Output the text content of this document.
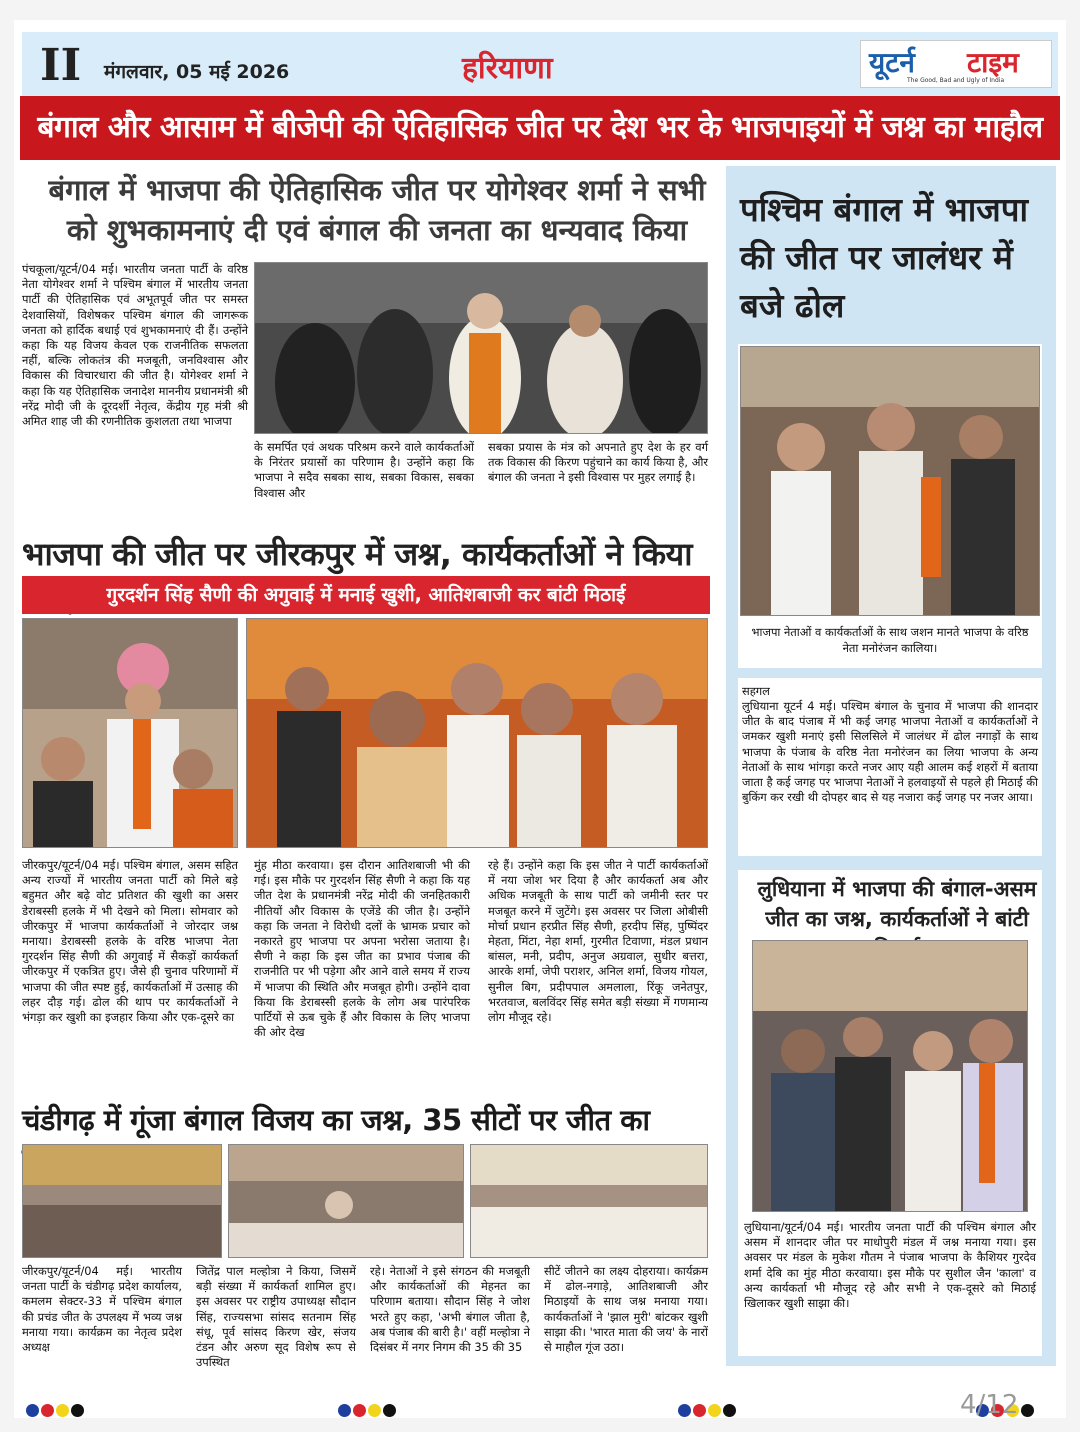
II मंगलवार, 05 मई 2026	हरियाणा	यूटर्न टाइम
The Good, Bad and Ugly of India
बंगाल और आसाम में बीजेपी की ऐतिहासिक जीत पर देश भर के भाजपाइयों में जश्न का माहौल
बंगाल में भाजपा की ऐतिहासिक जीत पर योगेश्वर शर्मा ने सभी को शुभकामनाएं दी एवं बंगाल की जनता का धन्यवाद किया
पंचकूला/यूटर्न/04 मई। भारतीय जनता पार्टी के वरिष्ठ नेता योगेश्वर शर्मा ने पश्चिम बंगाल में भारतीय जनता पार्टी की ऐतिहासिक एवं अभूतपूर्व जीत पर समस्त देशवासियों, विशेषकर पश्चिम बंगाल की जागरूक जनता को हार्दिक बधाई एवं शुभकामनाएं दी हैं। उन्होंने कहा कि यह विजय केवल एक राजनीतिक सफलता नहीं, बल्कि लोकतंत्र की मजबूती, जनविश्वास और विकास की विचारधारा की जीत है। योगेश्वर शर्मा ने कहा कि यह ऐतिहासिक जनादेश माननीय प्रधानमंत्री श्री नरेंद्र मोदी जी के दूरदर्शी नेतृत्व, केंद्रीय गृह मंत्री श्री अमित शाह जी की रणनीतिक कुशलता तथा भाजपा
के समर्पित एवं अथक परिश्रम करने वाले कार्यकर्ताओं के निरंतर प्रयासों का परिणाम है। उन्होंने कहा कि भाजपा ने सदैव सबका साथ, सबका विकास, सबका विश्वास और
सबका प्रयास के मंत्र को अपनाते हुए देश के हर वर्ग तक विकास की किरण पहुंचाने का कार्य किया है, और बंगाल की जनता ने इसी विश्वास पर मुहर लगाई है।
भाजपा की जीत पर जीरकपुर में जश्न, कार्यकर्ताओं ने किया
गुरदर्शन सिंह सैणी की अगुवाई में मनाई खुशी, आतिशबाजी कर बांटी मिठाई
जीरकपुर/यूटर्न/04 मई। पश्चिम बंगाल, असम सहित अन्य राज्यों में भारतीय जनता पार्टी को मिले बड़े बहुमत और बढ़े वोट प्रतिशत की खुशी का असर डेराबस्सी हलके में भी देखने को मिला। सोमवार को जीरकपुर में भाजपा कार्यकर्ताओं ने जोरदार जश्न मनाया। डेराबस्सी हलके के वरिष्ठ भाजपा नेता गुरदर्शन सिंह सैणी की अगुवाई में सैकड़ों कार्यकर्ता जीरकपुर में एकत्रित हुए। जैसे ही चुनाव परिणामों में भाजपा की जीत स्पष्ट हुई, कार्यकर्ताओं में उत्साह की लहर दौड़ गई। ढोल की थाप पर कार्यकर्ताओं ने भंगड़ा कर खुशी का इजहार किया और एक-दूसरे का
मुंह मीठा करवाया। इस दौरान आतिशबाजी भी की गई। इस मौके पर गुरदर्शन सिंह सैणी ने कहा कि यह जीत देश के प्रधानमंत्री नरेंद्र मोदी की जनहितकारी नीतियों और विकास के एजेंडे की जीत है। उन्होंने कहा कि जनता ने विरोधी दलों के भ्रामक प्रचार को नकारते हुए भाजपा पर अपना भरोसा जताया है। सैणी ने कहा कि इस जीत का प्रभाव पंजाब की राजनीति पर भी पड़ेगा और आने वाले समय में राज्य में भाजपा की स्थिति और मजबूत होगी। उन्होंने दावा किया कि डेराबस्सी हलके के लोग अब पारंपरिक पार्टियों से ऊब चुके हैं और विकास के लिए भाजपा की ओर देख
रहे हैं। उन्होंने कहा कि इस जीत ने पार्टी कार्यकर्ताओं में नया जोश भर दिया है और कार्यकर्ता अब और अधिक मजबूती के साथ पार्टी को जमीनी स्तर पर मजबूत करने में जुटेंगे। इस अवसर पर जिला ओबीसी मोर्चा प्रधान हरप्रीत सिंह सैणी, हरदीप सिंह, पुष्पिंदर मेहता, मिंटा, नेहा शर्मा, गुरमीत टिवाणा, मंडल प्रधान बांसल, मनी, प्रदीप, अनुज अग्रवाल, सुधीर बत्तरा, आरके शर्मा, जेपी पराशर, अनिल शर्मा, विजय गोयल, सुनील बिग, प्रदीपपाल अमलाला, रिंकू जनेतपुर, भरतवाज, बलविंदर सिंह समेत बड़ी संख्या में गणमान्य लोग मौजूद रहे।
चंडीगढ़ में गूंजा बंगाल विजय का जश्न, 35 सीटों पर जीत का
जीरकपुर/यूटर्न/04 मई। भारतीय जनता पार्टी के चंडीगढ़ प्रदेश कार्यालय, कमलम सेक्टर-33 में पश्चिम बंगाल की प्रचंड जीत के उपलक्ष्य में भव्य जश्न मनाया गया। कार्यक्रम का नेतृत्व प्रदेश अध्यक्ष
जितेंद्र पाल मल्होत्रा ने किया, जिसमें बड़ी संख्या में कार्यकर्ता शामिल हुए। इस अवसर पर राष्ट्रीय उपाध्यक्ष सौदान सिंह, राज्यसभा सांसद सतनाम सिंह संधू, पूर्व सांसद किरण खेर, संजय टंडन और अरुण सूद विशेष रूप से उपस्थित
रहे। नेताओं ने इसे संगठन की मजबूती और कार्यकर्ताओं की मेहनत का परिणाम बताया। सौदान सिंह ने जोश भरते हुए कहा, 'अभी बंगाल जीता है, अब पंजाब की बारी है।' वहीं मल्होत्रा ने दिसंबर में नगर निगम की 35 की 35
सीटें जीतने का लक्ष्य दोहराया। कार्यक्रम में ढोल-नगाड़े, आतिशबाजी और मिठाइयों के साथ जश्न मनाया गया। कार्यकर्ताओं ने 'झाल मुरी' बांटकर खुशी साझा की। 'भारत माता की जय' के नारों से माहौल गूंज उठा।
पश्चिम बंगाल में भाजपा की जीत पर जालंधर में बजे ढोल
भाजपा नेताओं व कार्यकर्ताओं के साथ जशन मानते भाजपा के वरिष्ठ नेता मनोरंजन कालिया।
सहगल
लुधियाना यूटर्न 4 मई। पश्चिम बंगाल के चुनाव में भाजपा की शानदार जीत के बाद पंजाब में भी कई जगह भाजपा नेताओं व कार्यकर्ताओं ने जमकर खुशी मनाएं इसी सिलसिले में जालंधर में ढोल नगाड़ों के साथ भाजपा के पंजाब के वरिष्ठ नेता मनोरंजन का लिया भाजपा के अन्य नेताओं के साथ भांगड़ा करते नजर आए यही आलम कई शहरों में बताया जाता है कई जगह पर भाजपा नेताओं ने हलवाइयों से पहले ही मिठाई की बुकिंग कर रखी थी दोपहर बाद से यह नजारा कई जगह पर नजर आया।
लुधियाना में भाजपा की बंगाल-असम जीत का जश्न, कार्यकर्ताओं ने बांटी
लुधियाना/यूटर्न/04 मई। भारतीय जनता पार्टी की पश्चिम बंगाल और असम में शानदार जीत पर माधोपुरी मंडल में जश्न मनाया गया। इस अवसर पर मंडल के मुकेश गौतम ने पंजाब भाजपा के कैशियर गुरदेव शर्मा देबि का मुंह मीठा करवाया। इस मौके पर सुशील जैन 'काला' व अन्य कार्यकर्ता भी मौजूद रहे और सभी ने एक-दूसरे को मिठाई खिलाकर खुशी साझा की।
4/12
